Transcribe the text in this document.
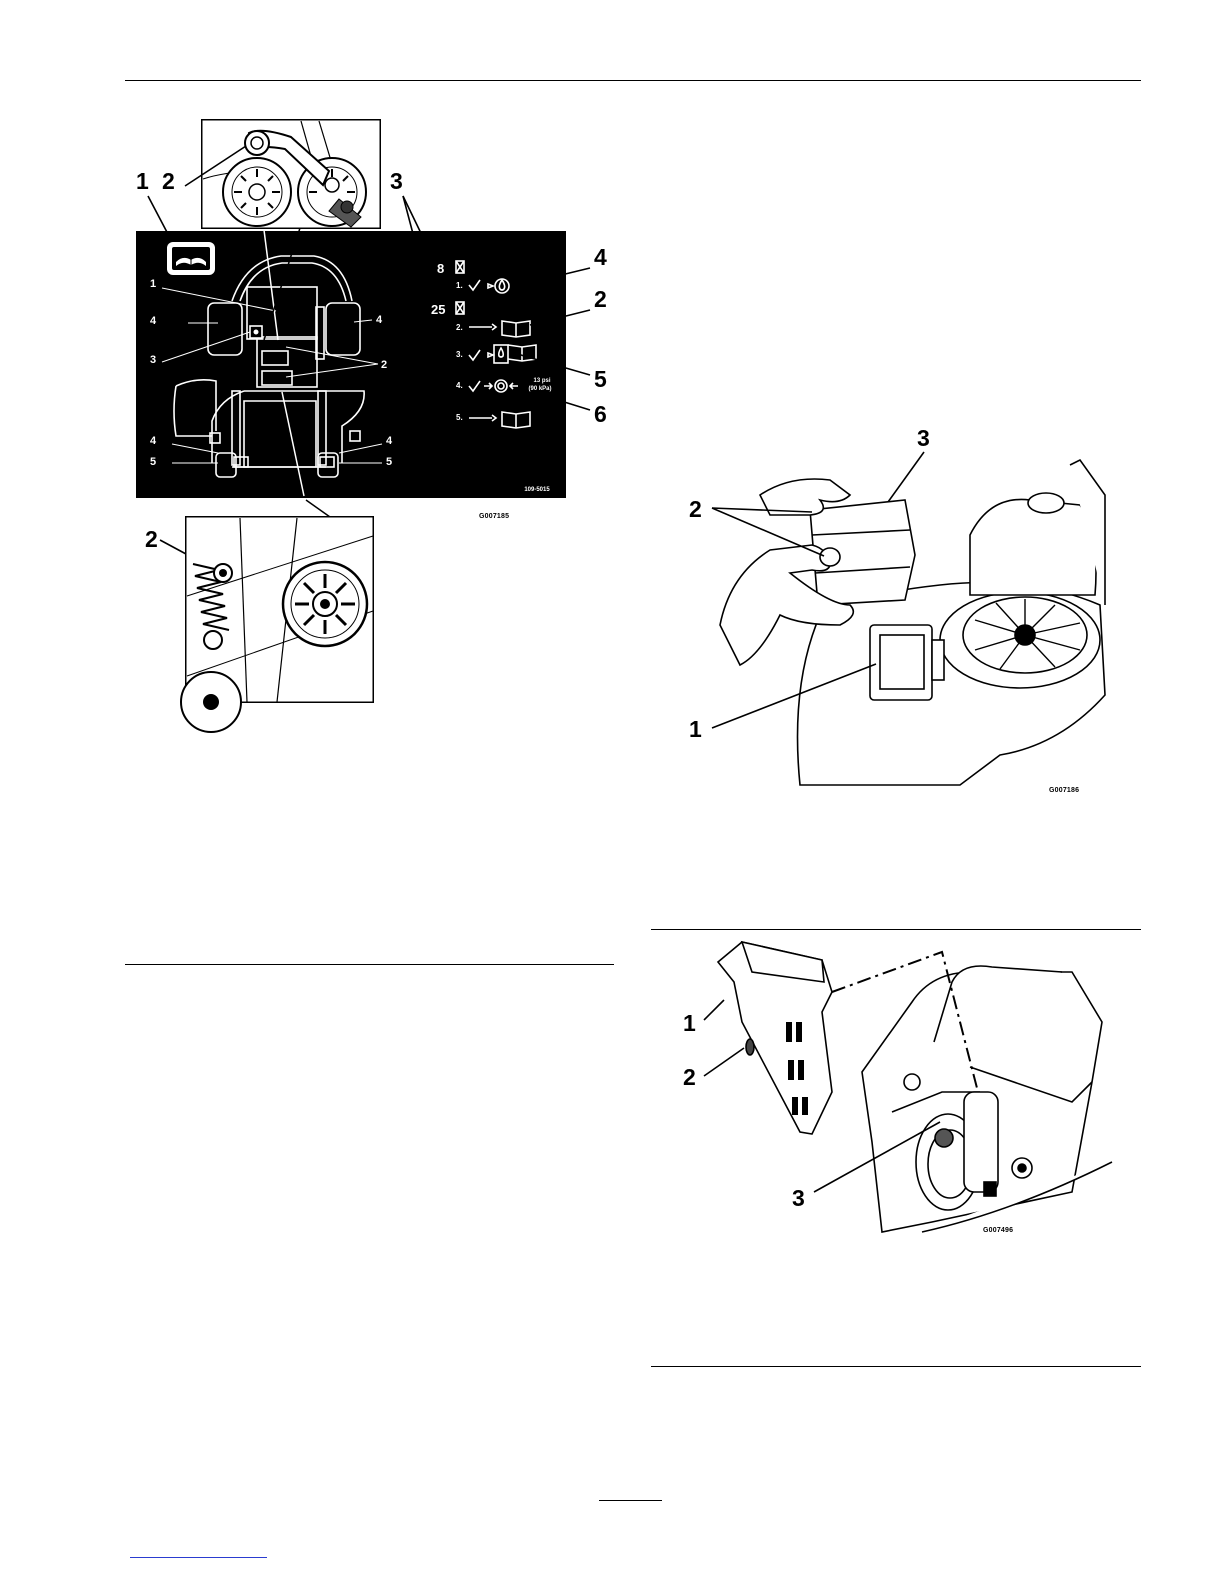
1
4
3
4
5
4
2
4
5
8
25
1.
2.
3.
4.
5.
13 psi
(90 kPa)
109-5015
1 2	3
4
2
5
6
2
G007185
3
2
1
G007186
1
2
3
G007496
